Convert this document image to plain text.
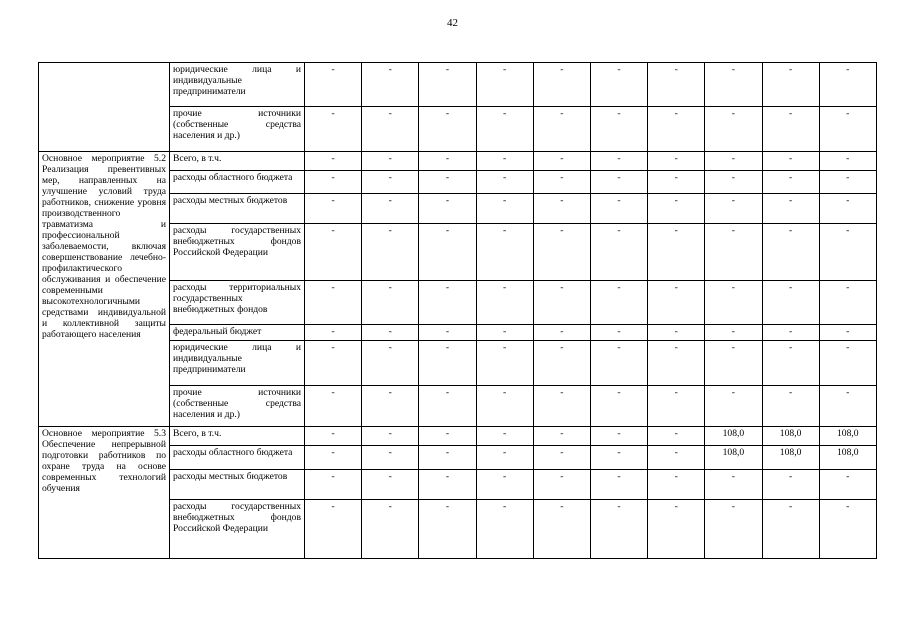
42
	юридические лица и индивидуальные предприниматели	-	-	-	-	-	-	-	-	-	-
	прочие источники (собственные средства населения и др.)	-	-	-	-	-	-	-	-	-	-
Основное мероприятие 5.2 Реализация превентивных мер, направленных на улучшение условий труда работников, снижение уровня производственного травматизма и профессиональной заболеваемости, включая совершенствование лечебно-профилактического обслуживания и обеспечение современными высокотехнологичными средствами индивидуальной и коллективной защиты работающего населения	Всего, в т.ч.	-	-	-	-	-	-	-	-	-	-
	расходы областного бюджета	-	-	-	-	-	-	-	-	-	-
	расходы местных бюджетов	-	-	-	-	-	-	-	-	-	-
	расходы государственных внебюджетных фондов Российской Федерации	-	-	-	-	-	-	-	-	-	-
	расходы территориальных государственных внебюджетных фондов	-	-	-	-	-	-	-	-	-	-
	федеральный бюджет	-	-	-	-	-	-	-	-	-	-
	юридические лица и индивидуальные предприниматели	-	-	-	-	-	-	-	-	-	-
	прочие источники (собственные средства населения и др.)	-	-	-	-	-	-	-	-	-	-
Основное мероприятие 5.3 Обеспечение непрерывной подготовки работников по охране труда на основе современных технологий обучения	Всего, в т.ч.	-	-	-	-	-	-	-	108,0	108,0	108,0
	расходы областного бюджета	-	-	-	-	-	-	-	108,0	108,0	108,0
	расходы местных бюджетов	-	-	-	-	-	-	-	-	-	-
	расходы государственных внебюджетных фондов Российской Федерации	-	-	-	-	-	-	-	-	-	-
